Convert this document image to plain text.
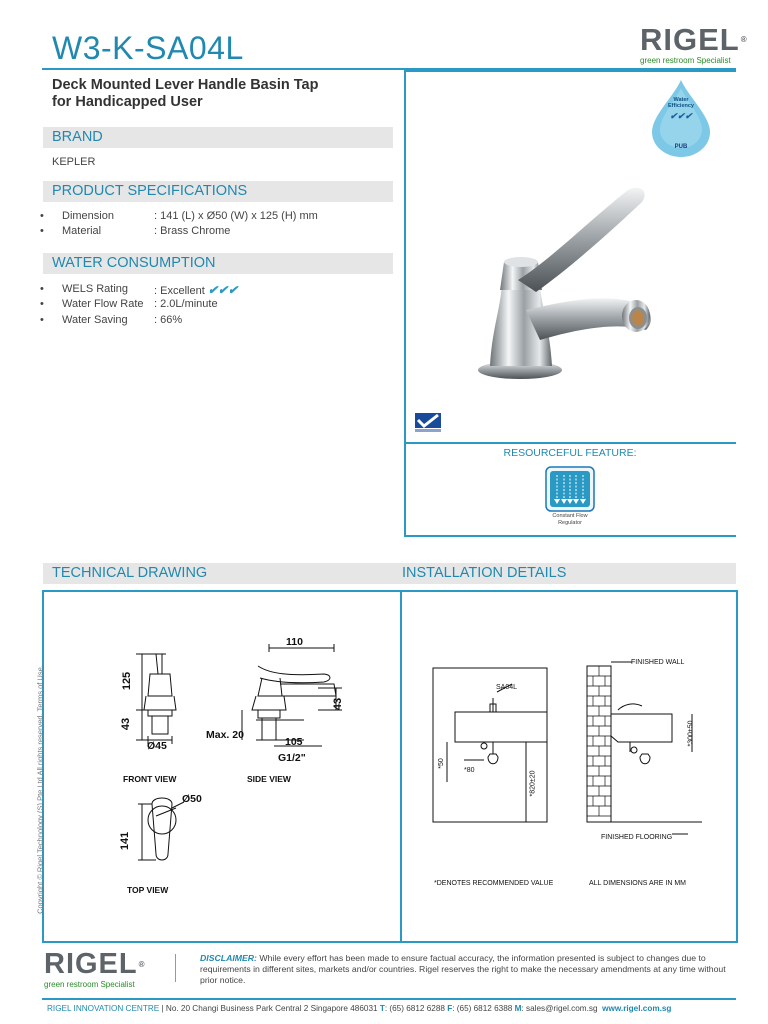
W3-K-SA04L	RIGEL®
green restroom Specialist
Deck Mounted Lever Handle Basin Tap
for Handicapped User
BRAND
KEPLER
PRODUCT SPECIFICATIONS
• Dimension	: 141 (L) x Ø50 (W) x 125 (H) mm
• Material	: Brass Chrome
WATER CONSUMPTION
• WELS Rating : Excellent ✔✔✔
• Water Flow Rate : 2.0L/minute
• Water Saving : 66%
Water
Efficiency
✔✔✔
PUB
RESOURCEFUL FEATURE:
Constant Flow
Regulator
TECHNICAL DRAWING	INSTALLATION DETAILS
125
43
Ø45
110
43
Max. 20
105
G1/2"
Ø50
141
FRONT VIEW	SIDE VIEW
TOP VIEW
SA04L
FINISHED WALL
FINISHED FLOORING
*50
*80	*820±20
*300±50
*DENOTES RECOMMENDED VALUE	ALL DIMENSIONS ARE IN MM
Copyright © Rigel Technology (S) Pte Ltd All rights reserved. Terms of Use.
RIGEL®
green restroom Specialist
DISCLAIMER: While every effort has been made to ensure factual accuracy, the information presented is subject to changes due to requirements in different sites, markets and/or countries. Rigel reserves the right to make the necessary amendments at any time without prior notice.
RIGEL INNOVATION CENTRE | No. 20 Changi Business Park Central 2 Singapore 486031 T: (65) 6812 6288 F: (65) 6812 6388 M: sales@rigel.com.sg www.rigel.com.sg
